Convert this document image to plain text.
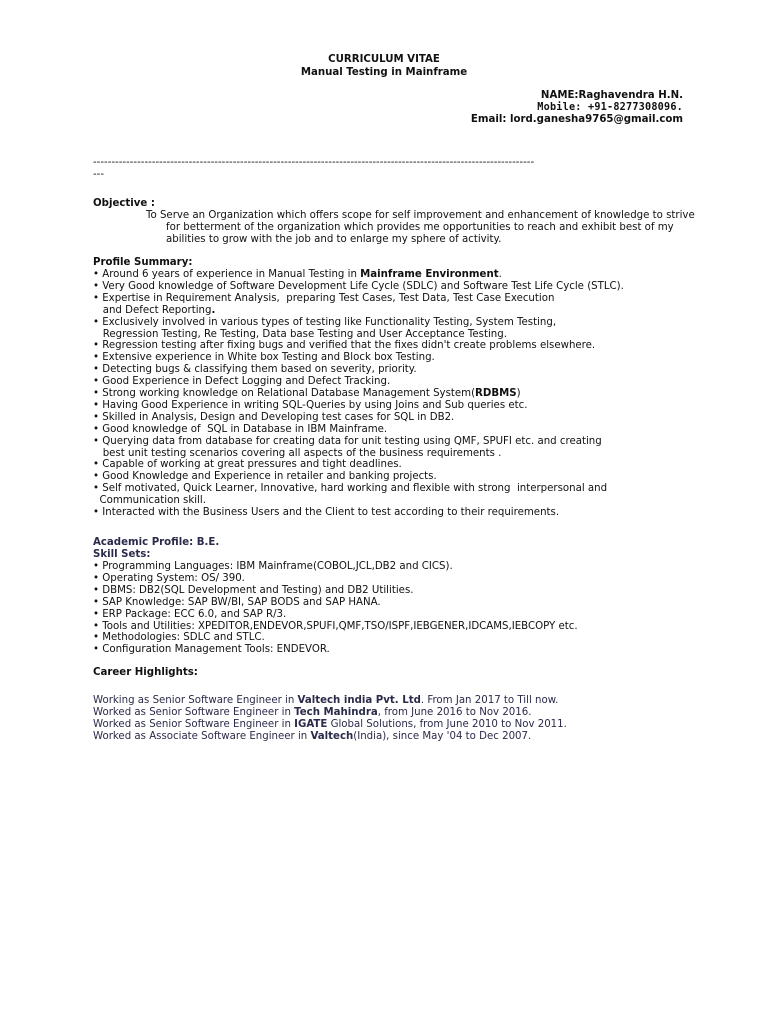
CURRICULUM VITAE
Manual Testing in Mainframe
NAME:Raghavendra H.N.
Mobile: +91-8277308096.
Email: lord.ganesha9765@gmail.com
------------------------------------------------------------------------------------------------------------------------
---
Objective :
To Serve an Organization which offers scope for self improvement and enhancement of knowledge to strive
for betterment of the organization which provides me opportunities to reach and exhibit best of my
abilities to grow with the job and to enlarge my sphere of activity.
Profile Summary:
• Around 6 years of experience in Manual Testing in Mainframe Environment.
• Very Good knowledge of Software Development Life Cycle (SDLC) and Software Test Life Cycle (STLC).
• Expertise in Requirement Analysis,  preparing Test Cases, Test Data, Test Case Execution
and Defect Reporting.
• Exclusively involved in various types of testing like Functionality Testing, System Testing,
Regression Testing, Re Testing, Data base Testing and User Acceptance Testing.
• Regression testing after fixing bugs and verified that the fixes didn't create problems elsewhere.
• Extensive experience in White box Testing and Block box Testing.
• Detecting bugs & classifying them based on severity, priority.
• Good Experience in Defect Logging and Defect Tracking.
• Strong working knowledge on Relational Database Management System(RDBMS)
• Having Good Experience in writing SQL-Queries by using Joins and Sub queries etc.
• Skilled in Analysis, Design and Developing test cases for SQL in DB2.
• Good knowledge of  SQL in Database in IBM Mainframe.
• Querying data from database for creating data for unit testing using QMF, SPUFI etc. and creating
best unit testing scenarios covering all aspects of the business requirements .
• Capable of working at great pressures and tight deadlines.
• Good Knowledge and Experience in retailer and banking projects.
• Self motivated, Quick Learner, Innovative, hard working and flexible with strong  interpersonal and
Communication skill.
• Interacted with the Business Users and the Client to test according to their requirements.
Academic Profile: B.E.
Skill Sets:
• Programming Languages: IBM Mainframe(COBOL,JCL,DB2 and CICS).
• Operating System: OS/ 390.
• DBMS: DB2(SQL Development and Testing) and DB2 Utilities.
• SAP Knowledge: SAP BW/BI, SAP BODS and SAP HANA.
• ERP Package: ECC 6.0, and SAP R/3.
• Tools and Utilities: XPEDITOR,ENDEVOR,SPUFI,QMF,TSO/ISPF,IEBGENER,IDCAMS,IEBCOPY etc.
• Methodologies: SDLC and STLC.
• Configuration Management Tools: ENDEVOR.
Career Highlights:
Working as Senior Software Engineer in Valtech india Pvt. Ltd. From Jan 2017 to Till now.
Worked as Senior Software Engineer in Tech Mahindra, from June 2016 to Nov 2016.
Worked as Senior Software Engineer in IGATE Global Solutions, from June 2010 to Nov 2011.
Worked as Associate Software Engineer in Valtech(India), since May '04 to Dec 2007.
